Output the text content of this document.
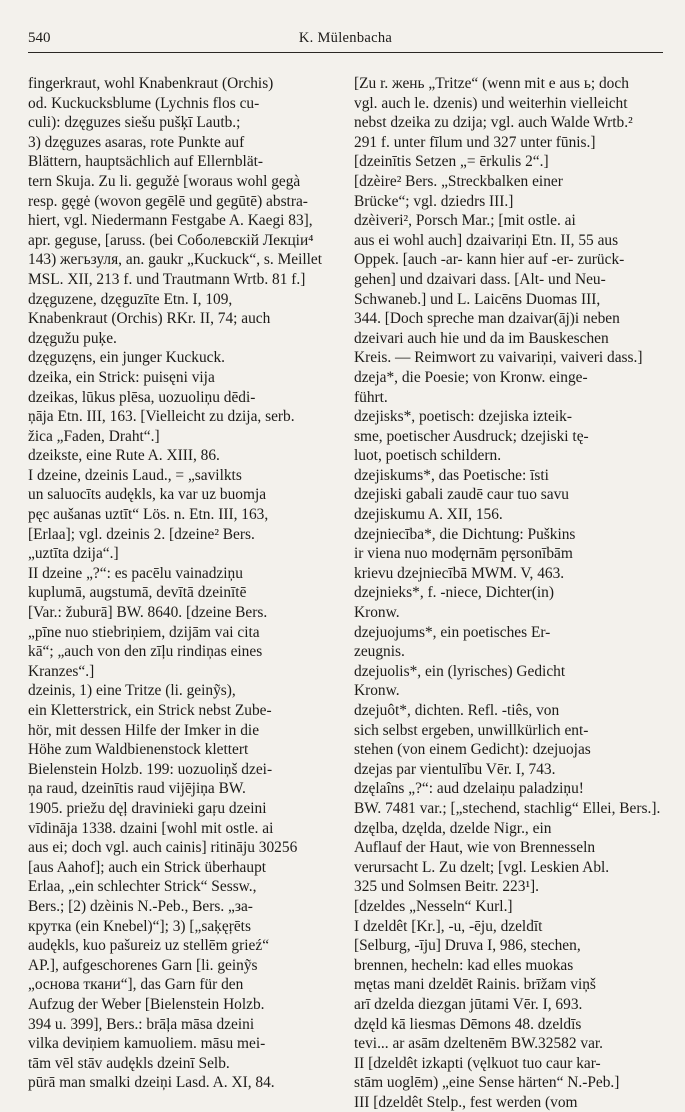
540	K. Mülenbacha
fingerkraut, wohl Knabenkraut (Orchis)
od. Kuckucksblume (Lychnis flos cu-
culi): dzęguzes siešu pušķī Lautb.;
3) dzęguzes asaras, rote Punkte auf
Blättern, hauptsächlich auf Ellernblät-
tern Skuja. Zu li. gegužė [woraus wohl gegà
resp. gęgė (wovon gegēlē und gegūtē) abstra-
hiert, vgl. Niedermann Festgabe A. Kaegi 83],
apr. geguse, [aruss. (bei Соболевскiй Лекцiи⁴
143) жегьзуля, an. gaukr „Kuckuck“, s. Meillet
MSL. XII, 213 f. und Trautmann Wrtb. 81 f.]
dzęguzene, dzęguzīte Etn. I, 109,
Knabenkraut (Orchis) RKr. II, 74; auch
dzęgužu puķe.
dzęguzęns, ein junger Kuckuck.
dzeika, ein Strick: puisęni vija
dzeikas, lūkus plēsa, uozuoliņu dēdi-
ņāja Etn. III, 163. [Vielleicht zu dzija, serb.
žica „Faden, Draht“.]
dzeikste, eine Rute A. XIII, 86.
I dzeine, dzeinis Laud., = „savilkts
un saluocīts audękls, ka var uz buomja
pęc aušanas uztīt“ Lös. n. Etn. III, 163,
[Erlaa]; vgl. dzeinis 2. [dzeine² Bers.
„uztīta dzija“.]
II dzeine „?“: es pacēlu vainadziņu
kuplumā, augstumā, devītā dzeinītē
[Var.: žuburā] BW. 8640. [dzeine Bers.
„pīne nuo stiebriņiem, dzijām vai cita
kā“; „auch von den zīļu rindiņas eines
Kranzes“.]
dzeinis, 1) eine Tritze (li. geinỹs),
ein Kletterstrick, ein Strick nebst Zube-
hör, mit dessen Hilfe der Imker in die
Höhe zum Waldbienenstock klettert
Bielenstein Holzb. 199: uozuoliņš dzei-
ņa raud, dzeinītis raud vijējiņa BW.
1905. priežu dęļ dravinieki gaŗu dzeini
vīdināja 1338. dzaini [wohl mit ostle. ai
aus ei; doch vgl. auch cainis] ritināju 30256
[aus Aahof]; auch ein Strick überhaupt
Erlaa, „ein schlechter Strick“ Sessw.,
Bers.; [2) dzèinis N.-Peb., Bers. „за-
крутка (ein Knebel)“]; 3) [„saķęŗēts
audękls, kuo pašureiz uz stellēm grieź“
AP.], aufgeschorenes Garn [li. geinỹs
„основа ткани“], das Garn für den
Aufzug der Weber [Bielenstein Holzb.
394 u. 399], Bers.: brāļa māsa dzeini
vilka deviņiem kamuoliem. māsu mei-
tām vēl stāv audękls dzeinī Selb.
pūrā man smalki dzeiņi Lasd. A. XI, 84.
[Zu r. жень „Tritze“ (wenn mit e aus ь; doch
vgl. auch le. dzenis) und weiterhin vielleicht
nebst dzeika zu dzija; vgl. auch Walde Wrtb.²
291 f. unter fīlum und 327 unter fūnis.]
[dzeinītis Setzen „= ērkulis 2“.]
[dzèire² Bers. „Streckbalken einer
Brücke“; vgl. dziedrs III.]
dzèiveri², Porsch Mar.; [mit ostle. ai
aus ei wohl auch] dzaivariņi Etn. II, 55 aus
Oppek. [auch -ar- kann hier auf -er- zurück-
gehen] und dzaivari dass. [Alt- und Neu-
Schwaneb.] und L. Laicēns Duomas III,
344. [Doch spreche man dzaivar(āj)i neben
dzeivari auch hie und da im Bauskeschen
Kreis. — Reimwort zu vaivariņi, vaiveri dass.]
dzeja*, die Poesie; von Kronw. einge-
führt.
dzejisks*, poetisch: dzejiska izteik-
sme, poetischer Ausdruck; dzejiski tę-
luot, poetisch schildern.
dzejiskums*, das Poetische: īsti
dzejiski gabali zaudē caur tuo savu
dzejiskumu A. XII, 156.
dzejniecība*, die Dichtung: Puškins
ir viena nuo modęrnām pęrsonībām
krievu dzejniecībā MWM. V, 463.
dzejnieks*, f. -niece, Dichter(in)
Kronw.
dzejuojums*, ein poetisches Er-
zeugnis.
dzejuolis*, ein (lyrisches) Gedicht
Kronw.
dzejuôt*, dichten. Refl. -tiês, von
sich selbst ergeben, unwillkürlich ent-
stehen (von einem Gedicht): dzejuojas
dzejas par vientulību Vēr. I, 743.
dzęlaîns „?“: aud dzelaiņu paladziņu!
BW. 7481 var.; [„stechend, stachlig“ Ellei, Bers.].
dzęlba, dzęlda, dzelde Nigr., ein
Auflauf der Haut, wie von Brennesseln
verursacht L. Zu dzelt; [vgl. Leskien Abl.
325 und Solmsen Beitr. 223¹].
[dzeldes „Nesseln“ Kurl.]
I dzeldêt [Kr.], -u, -ēju, dzeldīt
[Selburg, -īju] Druva I, 986, stechen,
brennen, hecheln: kad elles muokas
mętas mani dzeldēt Rainis. brīžam viņš
arī dzelda diezgan jūtami Vēr. I, 693.
dzęld kā liesmas Dēmons 48. dzeldīs
tevi... ar asām dzeltenēm BW.32582 var.
II [dzeldêt izkapti (vęlkuot tuo caur kar-
stām uoglēm) „eine Sense härten“ N.-Peb.]
III [dzeldêt Stelp., fest werden (vom
